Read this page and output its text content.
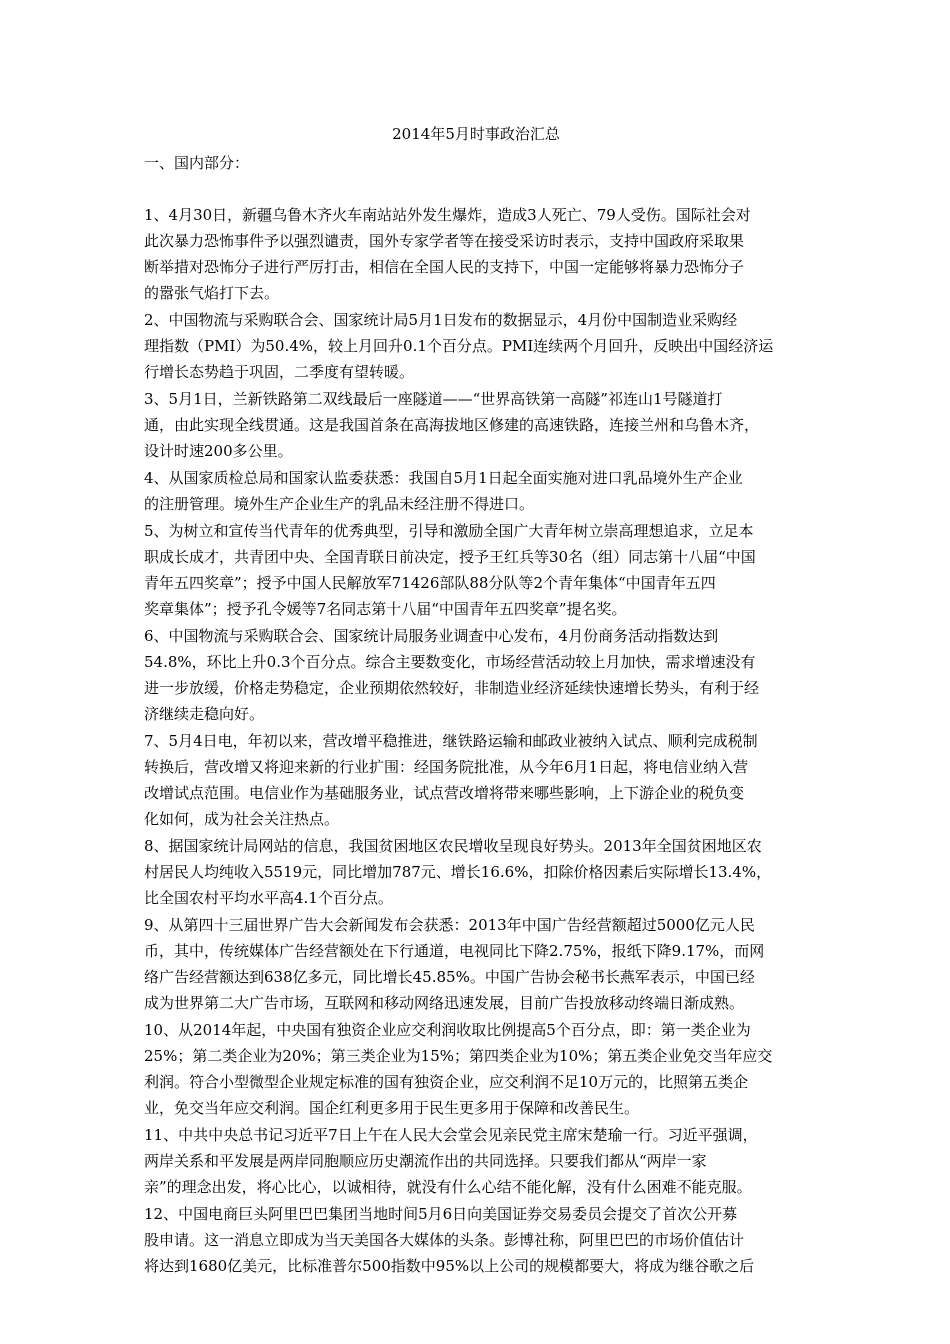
2014年5月时事政治汇总
一、国内部分：
1、4月30日，新疆乌鲁木齐火车南站站外发生爆炸，造成3人死亡、79人受伤。国际社会对
此次暴力恐怖事件予以强烈谴责，国外专家学者等在接受采访时表示，支持中国政府采取果
断举措对恐怖分子进行严厉打击，相信在全国人民的支持下，中国一定能够将暴力恐怖分子
的嚣张气焰打下去。
2、中国物流与采购联合会、国家统计局5月1日发布的数据显示，4月份中国制造业采购经
理指数（PMI）为50.4%，较上月回升0.1个百分点。PMI连续两个月回升，反映出中国经济运
行增长态势趋于巩固，二季度有望转暖。
3、5月1日，兰新铁路第二双线最后一座隧道——“世界高铁第一高隧”祁连山1号隧道打
通，由此实现全线贯通。这是我国首条在高海拔地区修建的高速铁路，连接兰州和乌鲁木齐，
设计时速200多公里。
4、从国家质检总局和国家认监委获悉：我国自5月1日起全面实施对进口乳品境外生产企业
的注册管理。境外生产企业生产的乳品未经注册不得进口。
5、为树立和宣传当代青年的优秀典型，引导和激励全国广大青年树立崇高理想追求，立足本
职成长成才，共青团中央、全国青联日前决定，授予王红兵等30名（组）同志第十八届“中国
青年五四奖章”；授予中国人民解放军71426部队88分队等2个青年集体“中国青年五四
奖章集体”；授予孔令媛等7名同志第十八届“中国青年五四奖章”提名奖。
6、中国物流与采购联合会、国家统计局服务业调查中心发布，4月份商务活动指数达到
54.8%，环比上升0.3个百分点。综合主要数变化，市场经营活动较上月加快，需求增速没有
进一步放缓，价格走势稳定，企业预期依然较好，非制造业经济延续快速增长势头，有利于经
济继续走稳向好。
7、5月4日电，年初以来，营改增平稳推进，继铁路运输和邮政业被纳入试点、顺利完成税制
转换后，营改增又将迎来新的行业扩围：经国务院批准，从今年6月1日起，将电信业纳入营
改增试点范围。电信业作为基础服务业，试点营改增将带来哪些影响，上下游企业的税负变
化如何，成为社会关注热点。
8、据国家统计局网站的信息，我国贫困地区农民增收呈现良好势头。2013年全国贫困地区农
村居民人均纯收入5519元，同比增加787元、增长16.6%，扣除价格因素后实际增长13.4%，
比全国农村平均水平高4.1个百分点。
9、从第四十三届世界广告大会新闻发布会获悉：2013年中国广告经营额超过5000亿元人民
币，其中，传统媒体广告经营额处在下行通道，电视同比下降2.75%，报纸下降9.17%，而网
络广告经营额达到638亿多元，同比增长45.85%。中国广告协会秘书长燕军表示，中国已经
成为世界第二大广告市场，互联网和移动网络迅速发展，目前广告投放移动终端日渐成熟。
10、从2014年起，中央国有独资企业应交利润收取比例提高5个百分点，即：第一类企业为
25%；第二类企业为20%；第三类企业为15%；第四类企业为10%；第五类企业免交当年应交
利润。符合小型微型企业规定标准的国有独资企业，应交利润不足10万元的，比照第五类企
业，免交当年应交利润。国企红利更多用于民生更多用于保障和改善民生。
11、中共中央总书记习近平7日上午在人民大会堂会见亲民党主席宋楚瑜一行。习近平强调，
两岸关系和平发展是两岸同胞顺应历史潮流作出的共同选择。只要我们都从“两岸一家
亲”的理念出发，将心比心，以诚相待，就没有什么心结不能化解，没有什么困难不能克服。
12、中国电商巨头阿里巴巴集团当地时间5月6日向美国证券交易委员会提交了首次公开募
股申请。这一消息立即成为当天美国各大媒体的头条。彭博社称，阿里巴巴的市场价值估计
将达到1680亿美元，比标准普尔500指数中95%以上公司的规模都要大，将成为继谷歌之后
